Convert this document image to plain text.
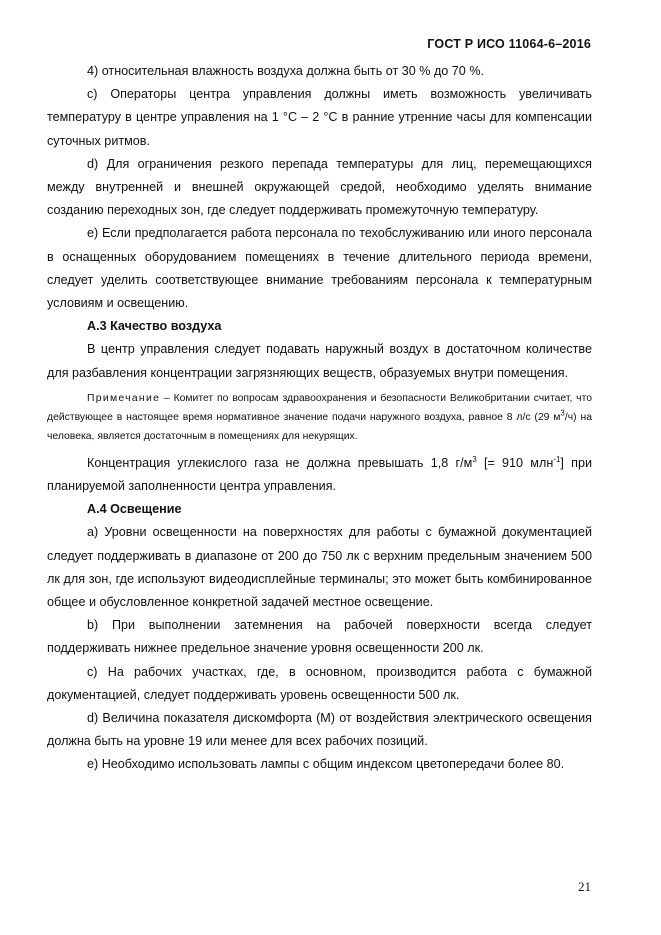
ГОСТ Р ИСО 11064-6–2016

4) относительная влажность воздуха должна быть от 30 % до 70 %.

c) Операторы центра управления должны иметь возможность увеличивать температуру в центре управления на 1 °С – 2 °С в ранние утренние часы для компенсации суточных ритмов.

d) Для ограничения резкого перепада температуры для лиц, перемещающихся между внутренней и внешней окружающей средой, необходимо уделять внимание созданию переходных зон, где следует поддерживать промежуточную температуру.

e) Если предполагается работа персонала по техобслуживанию или иного персонала в оснащенных оборудованием помещениях в течение длительного периода времени, следует уделить соответствующее внимание требованиям персонала к температурным условиям и освещению.

А.3 Качество воздуха

В центр управления следует подавать наружный воздух в достаточном количестве для разбавления концентрации загрязняющих веществ, образуемых внутри помещения.

Примечание – Комитет по вопросам здравоохранения и безопасности Великобритании считает, что действующее в настоящее время нормативное значение подачи наружного воздуха, равное 8 л/с (29 $м^3/ч$) на человека, является достаточным в помещениях для некурящих.

Концентрация углекислого газа не должна превышать 1,8 $г/м^3$ [= 910 млн$^{-1}$] при планируемой заполненности центра управления.

А.4 Освещение

a) Уровни освещенности на поверхностях для работы с бумажной документацией следует поддерживать в диапазоне от 200 до 750 лк с верхним предельным значением 500 лк для зон, где используют видеодисплейные терминалы; это может быть комбинированное общее и обусловленное конкретной задачей местное освещение.

b) При выполнении затемнения на рабочей поверхности всегда следует поддерживать нижнее предельное значение уровня освещенности 200 лк.

c) На рабочих участках, где, в основном, производится работа с бумажной документацией, следует поддерживать уровень освещенности 500 лк.

d) Величина показателя дискомфорта (М) от воздействия электрического освещения должна быть на уровне 19 или менее для всех рабочих позиций.

e) Необходимо использовать лампы с общим индексом цветопередачи более 80.

21
